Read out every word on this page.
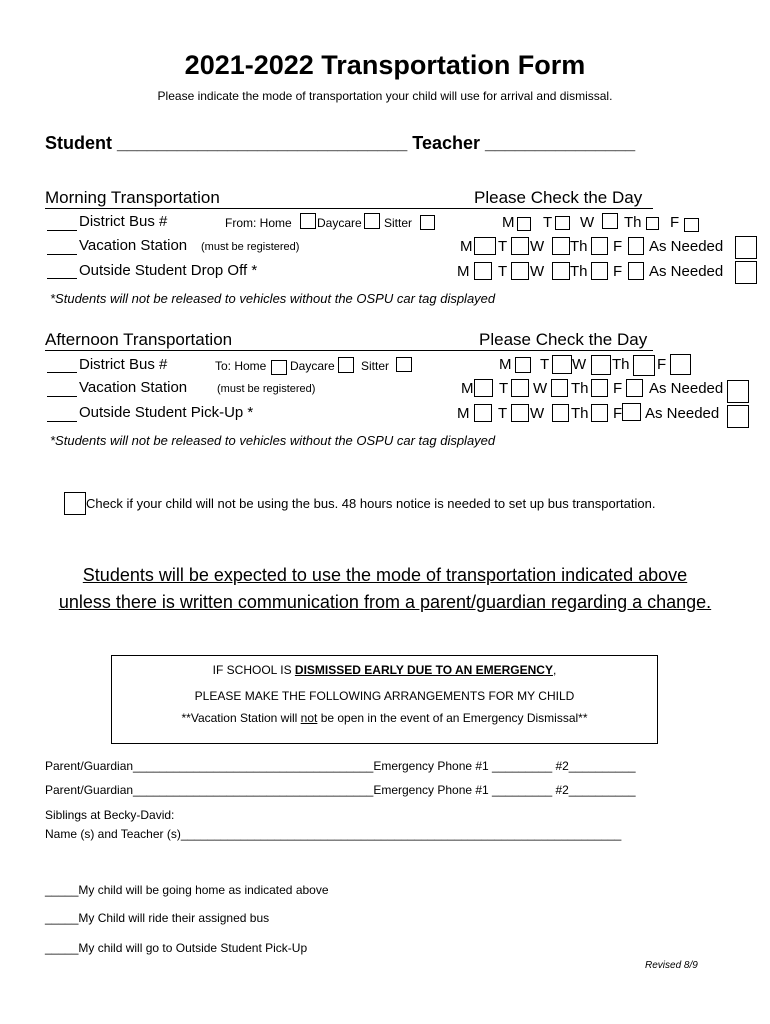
2021-2022 Transportation Form
Please indicate the mode of transportation your child will use for arrival and dismissal.
Student _____________________________ Teacher _______________
Morning Transportation	Please Check the Day
District Bus #	From: Home Daycare Sitter	M T W Th F
Vacation Station (must be registered)	M T W Th F As Needed
Outside Student Drop Off *	M T W Th F As Needed
*Students will not be released to vehicles without the OSPU car tag displayed
Afternoon Transportation	Please Check the Day
District Bus #	To: Home Daycare Sitter	M T W Th F
Vacation Station	(must be registered)	M T W Th F As Needed
Outside Student Pick-Up *	M T W Th F As Needed
*Students will not be released to vehicles without the OSPU car tag displayed
Check if your child will not be using the bus. 48 hours notice is needed to set up bus transportation.
Students will be expected to use the mode of transportation indicated above
unless there is written communication from a parent/guardian regarding a change.
IF SCHOOL IS DISMISSED EARLY DUE TO AN EMERGENCY,
PLEASE MAKE THE FOLLOWING ARRANGEMENTS FOR MY CHILD
**Vacation Station will not be open in the event of an Emergency Dismissal**
Parent/Guardian____________________________________Emergency Phone #1 _________ #2__________
Parent/Guardian____________________________________Emergency Phone #1 _________ #2__________
Siblings at Becky-David:
Name (s) and Teacher (s)__________________________________________________________________
_____My child will be going home as indicated above
_____My Child will ride their assigned bus
_____My child will go to Outside Student Pick-Up
Revised 8/9
